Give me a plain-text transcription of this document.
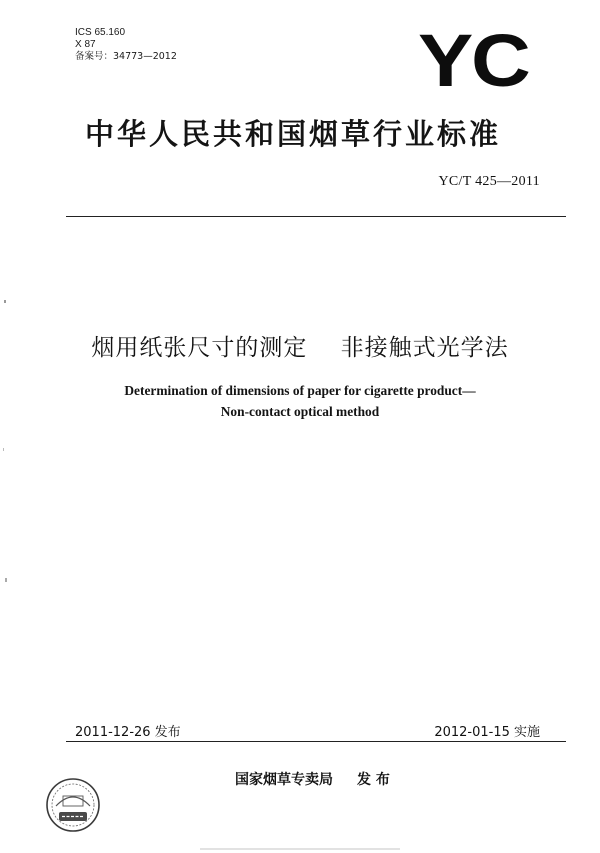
ICS 65.160
X 87
备案号：34773—2012	YC
中华人民共和国烟草行业标准
YC/T 425—2011
烟用纸张尺寸的测定    非接触式光学法
Determination of dimensions of paper for cigarette product—
Non-contact optical method
2011-12-26 发布	2012-01-15 实施
国家烟草专卖局 发 布
